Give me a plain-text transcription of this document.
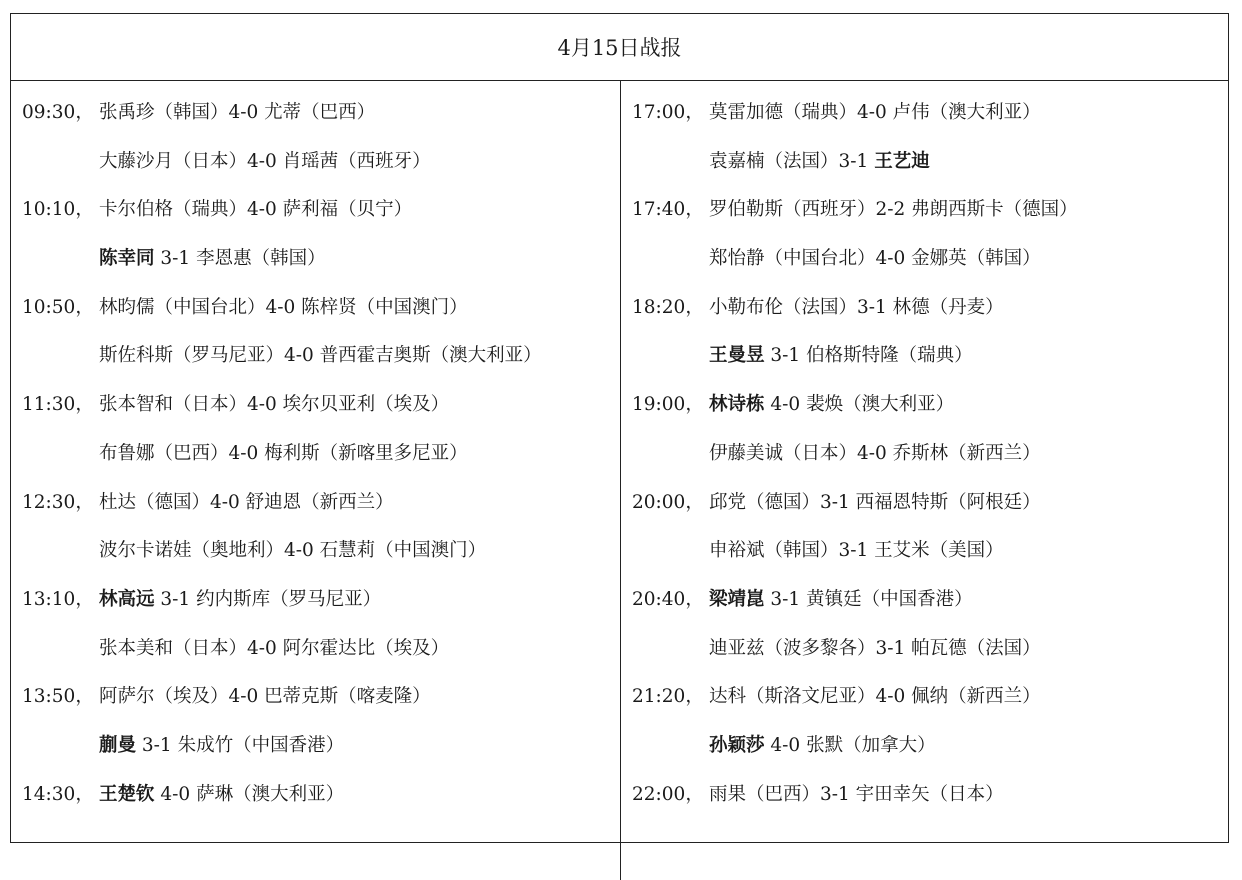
4月15日战报
09:30， 张禹珍（韩国）4-0 尤蒂（巴西）
大藤沙月（日本）4-0 肖瑶茜（西班牙）
10:10， 卡尔伯格（瑞典）4-0 萨利福（贝宁）
陈幸同 3-1 李恩惠（韩国）
10:50， 林昀儒（中国台北）4-0 陈梓贤（中国澳门）
斯佐科斯（罗马尼亚）4-0 普西霍吉奥斯（澳大利亚）
11:30， 张本智和（日本）4-0 埃尔贝亚利（埃及）
布鲁娜（巴西）4-0 梅利斯（新喀里多尼亚）
12:30， 杜达（德国）4-0 舒迪恩（新西兰）
波尔卡诺娃（奥地利）4-0 石慧莉（中国澳门）
13:10， 林高远 3-1 约内斯库（罗马尼亚）
张本美和（日本）4-0 阿尔霍达比（埃及）
13:50， 阿萨尔（埃及）4-0 巴蒂克斯（喀麦隆）
蒯曼 3-1 朱成竹（中国香港）
14:30， 王楚钦 4-0 萨琳（澳大利亚）
17:00， 莫雷加德（瑞典）4-0 卢伟（澳大利亚）
袁嘉楠（法国）3-1 王艺迪
17:40， 罗伯勒斯（西班牙）2-2 弗朗西斯卡（德国）
郑怡静（中国台北）4-0 金娜英（韩国）
18:20， 小勒布伦（法国）3-1 林德（丹麦）
王曼昱 3-1 伯格斯特隆（瑞典）
19:00， 林诗栋 4-0 裴焕（澳大利亚）
伊藤美诚（日本）4-0 乔斯林（新西兰）
20:00， 邱党（德国）3-1 西福恩特斯（阿根廷）
申裕斌（韩国）3-1 王艾米（美国）
20:40， 梁靖崑 3-1 黄镇廷（中国香港）
迪亚兹（波多黎各）3-1 帕瓦德（法国）
21:20， 达科（斯洛文尼亚）4-0 佩纳（新西兰）
孙颖莎 4-0 张默（加拿大）
22:00， 雨果（巴西）3-1 宇田幸矢（日本）
